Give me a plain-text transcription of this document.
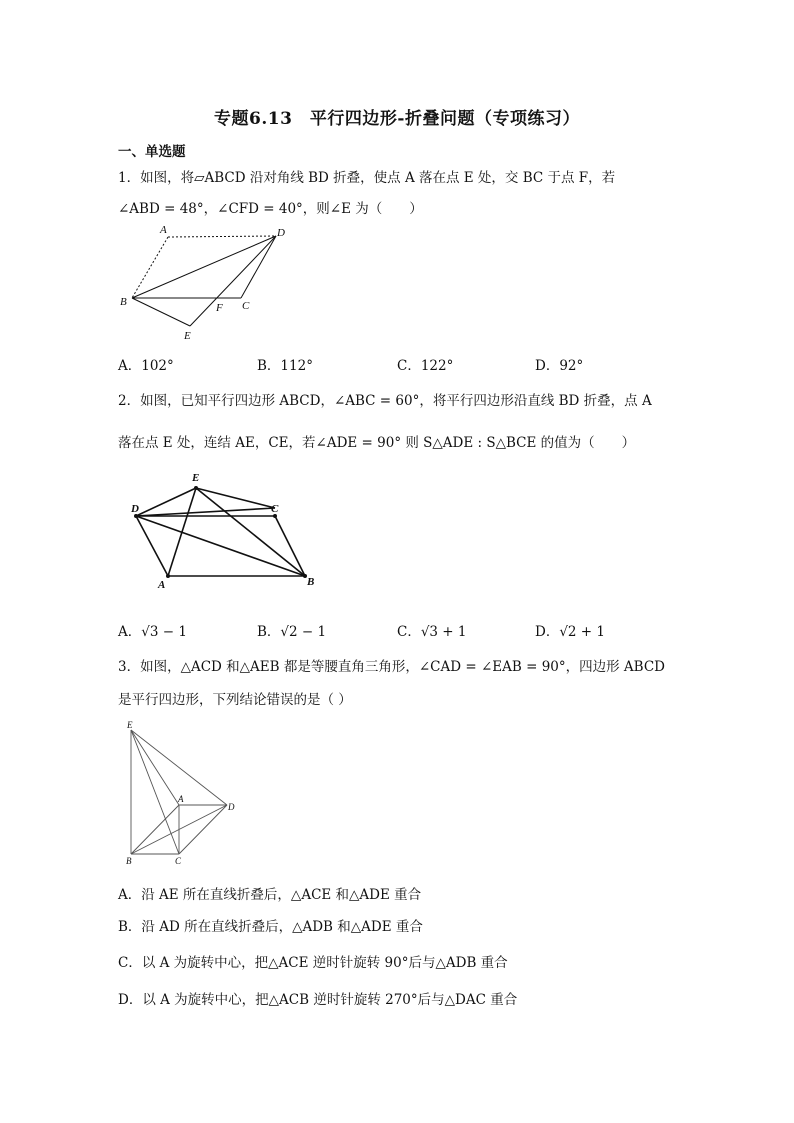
专题6.13　平行四边形-折叠问题（专项练习）
一、单选题
1．如图，将▱ABCD 沿对角线 BD 折叠，使点 A 落在点 E 处，交 BC 于点 F，若
∠ABD = 48°，∠CFD = 40°，则∠E 为（　　）
A	D
B	C
F
E
A．102°	B．112°	C．122°	D．92°
2．如图，已知平行四边形 ABCD，∠ABC = 60°，将平行四边形沿直线 BD 折叠，点 A
落在点 E 处，连结 AE，CE，若∠ADE = 90° 则 S△ADE : S△BCE 的值为（　　）
E
D	C
A	B
A．√3 − 1	B．√2 − 1	C．√3 + 1	D．√2 + 1
3．如图，△ACD 和△AEB 都是等腰直角三角形，∠CAD = ∠EAB = 90°，四边形 ABCD
是平行四边形，下列结论错误的是（ ）
E
A
D
B	C
A．沿 AE 所在直线折叠后，△ACE 和△ADE 重合
B．沿 AD 所在直线折叠后，△ADB 和△ADE 重合
C．以 A 为旋转中心，把△ACE 逆时针旋转 90°后与△ADB 重合
D．以 A 为旋转中心，把△ACB 逆时针旋转 270°后与△DAC 重合
